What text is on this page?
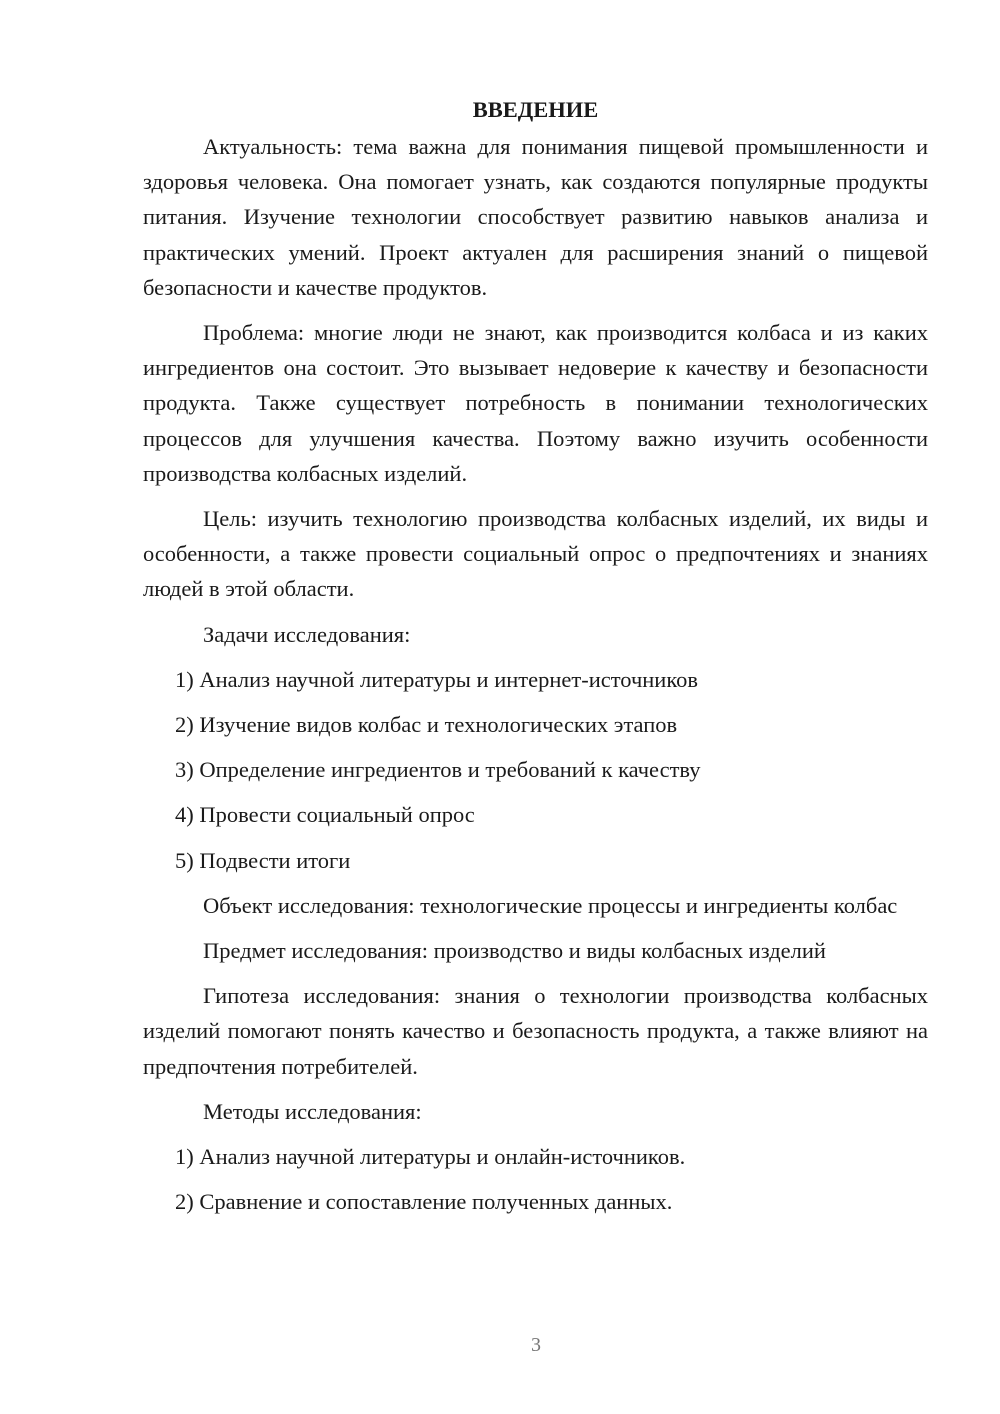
ВВЕДЕНИЕ
Актуальность: тема важна для понимания пищевой промышленности и здоровья человека. Она помогает узнать, как создаются популярные продукты питания. Изучение технологии способствует развитию навыков анализа и практических умений. Проект актуален для расширения знаний о пищевой безопасности и качестве продуктов.
Проблема: многие люди не знают, как производится колбаса и из каких ингредиентов она состоит. Это вызывает недоверие к качеству и безопасности продукта. Также существует потребность в понимании технологических процессов для улучшения качества. Поэтому важно изучить особенности производства колбасных изделий.
Цель: изучить технологию производства колбасных изделий, их виды и особенности, а также провести социальный опрос о предпочтениях и знаниях людей в этой области.
Задачи исследования:
1) Анализ научной литературы и интернет-источников
2) Изучение видов колбас и технологических этапов
3) Определение ингредиентов и требований к качеству
4) Провести социальный опрос
5) Подвести итоги
Объект исследования: технологические процессы и ингредиенты колбас
Предмет исследования: производство и виды колбасных изделий
Гипотеза исследования: знания о технологии производства колбасных изделий помогают понять качество и безопасность продукта, а также влияют на предпочтения потребителей.
Методы исследования:
1) Анализ научной литературы и онлайн-источников.
2) Сравнение и сопоставление полученных данных.
3
